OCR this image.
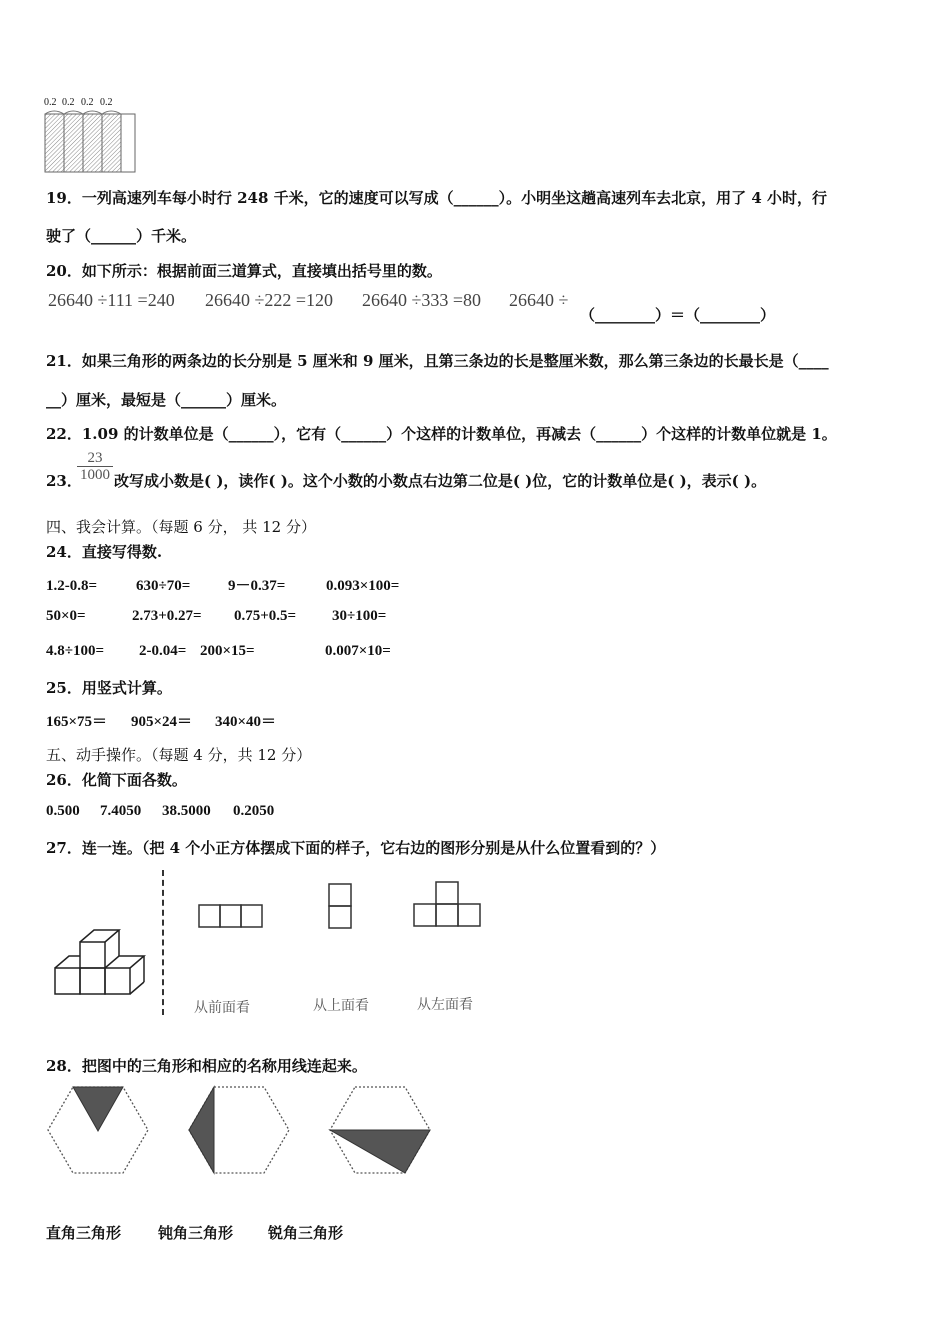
0.2 0.2 0.2 0.2
19．一列高速列车每小时行 248 千米，它的速度可以写成（______）。小明坐这趟高速列车去北京，用了 4 小时，行
驶了（______）千米。
20．如下所示：根据前面三道算式，直接填出括号里的数。
26640 ÷111 =240 26640 ÷222 =120 26640 ÷333 =80 26640 ÷
（________）＝（________）
21．如果三角形的两条边的长分别是 5 厘米和 9 厘米，且第三条边的长是整厘米数，那么第三条边的长最长是（____
__）厘米，最短是（______）厘米。
22．1.09 的计数单位是（______），它有（______）个这样的计数单位，再减去（______）个这样的计数单位就是 1。
23．
$\frac{23}{1000}$ 改写成小数是( )，读作( )。这个小数的小数点右边第二位是( )位，它的计数单位是( )，表示( )。
四、我会计算。（每题 6 分， 共 12 分）
24．直接写得数.
1.2-0.8=	630÷70=	9－0.37=	0.093×100=
50×0=	2.73+0.27= 0.75+0.5= 30÷100=
4.8÷100= 2-0.04= 200×15=	0.007×10=
25．用竖式计算。
165×75＝ 905×24＝ 340×40＝
五、动手操作。（每题 4 分，共 12 分）
26．化简下面各数。
0.500 7.4050 38.5000 0.2050
27．连一连。（把 4 个小正方体摆成下面的样子，它右边的图形分别是从什么位置看到的？）
从前面看	从上面看	从左面看
28．把图中的三角形和相应的名称用线连起来。
直角三角形 钝角三角形 锐角三角形
